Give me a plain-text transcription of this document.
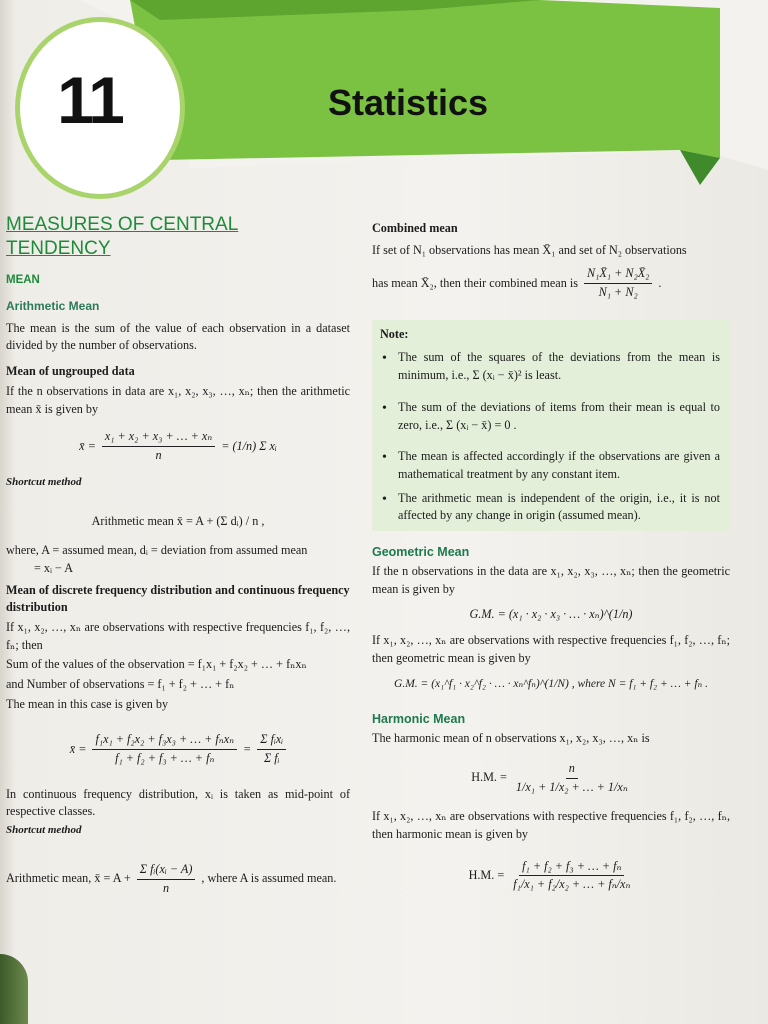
11	Statistics
MEASURES OF CENTRAL
TENDENCY
MEAN
Arithmetic Mean

The mean is the sum of the value of each observation in a dataset divided by the number of observations.

Mean of ungrouped data

If the n observations in data are x₁, x₂, x₃, …, xₙ; then the arithmetic mean x̄ is given by

x̄ = $\frac{\text{x₁ + x₂ + x₃ + … + xₙ}}{n} = (1/n)$ Σ xᵢ
Shortcut method
Arithmetic mean x̄ = A + (Σ dᵢ) / n ,

where, A = assumed mean, dᵢ = deviation from assumed mean

= xᵢ − A

Mean of discrete frequency distribution and continuous frequency distribution

If x₁, x₂, …, xₙ are observations with respective frequencies f₁, f₂, …, fₙ; then

Sum of the values of the observation = f₁x₁ + f₂x₂ + … + fₙxₙ

and Number of observations = f₁ + f₂ + … + fₙ

The mean in this case is given by

x̄ = $\frac{\text{f₁x₁ + f₂x₂ + f₃x₃ + … + fₙxₙ}}{\text{f₁ + f₂ + f₃ + … + fₙ}} = \frac{\text{Σ fᵢxᵢ}}{\text{Σ fᵢ}}$

In continuous frequency distribution, xᵢ is taken as mid-point of respective classes.

Shortcut method
Arithmetic mean, x̄ = $A + \frac{\text{Σ fᵢ(xᵢ − A)}}{n}$ , where A is assumed mean.
Combined mean

If set of N₁ observations has mean X̄₁ and set of N₂ observations

has mean X̄₂, then their combined mean is $\frac{\text{N₁X̄₁ + N₂X̄₂}}{\text{N₁ + N₂}}$ .
Note:
• The sum of the squares of the deviations from the mean is minimum, i.e., Σ (xᵢ − x̄)² is least.
• The sum of the deviations of items from their mean is equal to zero, i.e., Σ (xᵢ − x̄) = 0 .
• The mean is affected accordingly if the observations are given a mathematical treatment by any constant item.
• The arithmetic mean is independent of the origin, i.e., it is not affected by any change in origin (assumed mean).
Geometric Mean

If the n observations in the data are x₁, x₂, x₃, …, xₙ; then the geometric mean is given by

G.M. = (x₁ · x₂ · x₃ · … · xₙ)^(1/n)

If x₁, x₂, …, xₙ are observations with respective frequencies f₁, f₂, …, fₙ; then geometric mean is given by

G.M. = (x₁^f₁ · x₂^f₂ · … · xₙ^fₙ)^(1/N) , where N = f₁ + f₂ + … + fₙ .
Harmonic Mean

The harmonic mean of n observations x₁, x₂, x₃, …, xₙ is

H.M. = $\frac{n}{\text{1/x₁ + 1/x₂ + … + 1/xₙ}}$

If x₁, x₂, …, xₙ are observations with respective frequencies f₁, f₂, …, fₙ, then harmonic mean is given by

H.M. = $\frac{\text{f₁ + f₂ + f₃ + … + fₙ}}{\text{f₁/x₁ + f₂/x₂ + … + fₙ/xₙ}}$
